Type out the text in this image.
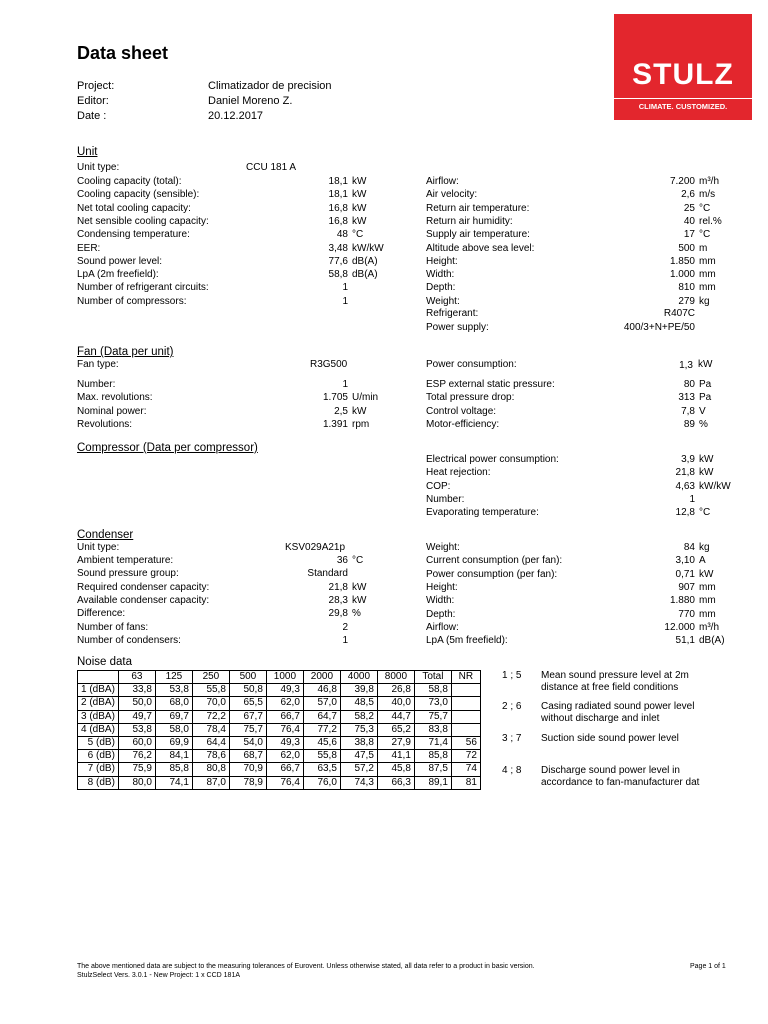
Data sheet
Project:	Climatizador de precision
Editor:	Daniel Moreno Z.
Date :	20.12.2017
STULZ
CLIMATE. CUSTOMIZED.
Unit
Unit type:	CCU 181 A
Cooling capacity (total):	18,1 kW
Cooling capacity (sensible):	18,1 kW
Net total cooling capacity:	16,8 kW
Net sensible cooling capacity:	16,8 kW
Condensing temperature:	48 °C
EER:	3,48 kW/kW
Sound power level:	77,6 dB(A)
LpA (2m freefield):	58,8 dB(A)
Number of refrigerant circuits:	1
Number of compressors:	1
Airflow:	7.200 m³/h
Air velocity:	2,6 m/s
Return air temperature:	25 °C
Return air humidity:	40 rel.%
Supply air temperature:	17 °C
Altitude above sea level:	500 m
Height:	1.850 mm
Width:	1.000 mm
Depth:	810 mm
Weight:	279 kg
Refrigerant:	R407C
Power supply:	400/3+N+PE/50
Fan (Data per unit)
Fan type:	R3G500	Power consumption:	1,3 kW
Number:	1
Max. revolutions:	1.705 U/min
Nominal power:	2,5 kW
Revolutions:	1.391 rpm
ESP external static pressure:	80 Pa
Total pressure drop:	313 Pa
Control voltage:	7,8 V
Motor-efficiency:	89 %
Compressor (Data per compressor)
Electrical power consumption:	3,9 kW
Heat rejection:	21,8 kW
COP:	4,63 kW/kW
Number:	1
Evaporating temperature:	12,8 °C
Condenser
Unit type:	KSV029A21p
Ambient temperature:	36 °C
Sound pressure group:	Standard
Required condenser capacity:	21,8 kW
Available condenser capacity:	28,3 kW
Difference:	29,8 %
Number of fans:	2
Number of condensers:	1
Weight:	84 kg
Current consumption (per fan):	3,10 A
Power consumption (per fan):	0,71 kW
Height:	907 mm
Width:	1.880 mm
Depth:	770 mm
Airflow:	12.000 m³/h
LpA (5m freefield):	51,1 dB(A)
Noise data
	63	125	250	500	1000	2000	4000	8000	Total	NR
1 (dBA)	33,8	53,8	55,8	50,8	49,3	46,8	39,8	26,8	58,8	
2 (dBA)	50,0	68,0	70,0	65,5	62,0	57,0	48,5	40,0	73,0	
3 (dBA)	49,7	69,7	72,2	67,7	66,7	64,7	58,2	44,7	75,7	
4 (dBA)	53,8	58,0	78,4	75,7	76,4	77,2	75,3	65,2	83,8	
5 (dB)	60,0	69,9	64,4	54,0	49,3	45,6	38,8	27,9	71,4	56
6 (dB)	76,2	84,1	78,6	68,7	62,0	55,8	47,5	41,1	85,8	72
7 (dB)	75,9	85,8	80,8	70,9	66,7	63,5	57,2	45,8	87,5	74
8 (dB)	80,0	74,1	87,0	78,9	76,4	76,0	74,3	66,3	89,1	81
1 ; 5 Mean sound pressure level at 2m
distance at free field conditions
2 ; 6 Casing radiated sound power level
without discharge and inlet
3 ; 7 Suction side sound power level
4 ; 8 Discharge sound power level in
accordance to fan-manufacturer dat
The above mentioned data are subject to the measuring tolerances of Eurovent. Unless otherwise stated, all data refer to a product in basic version.
StulzSelect Vers. 3.0.1 - New Project: 1 x CCD 181A
Page 1 of 1
